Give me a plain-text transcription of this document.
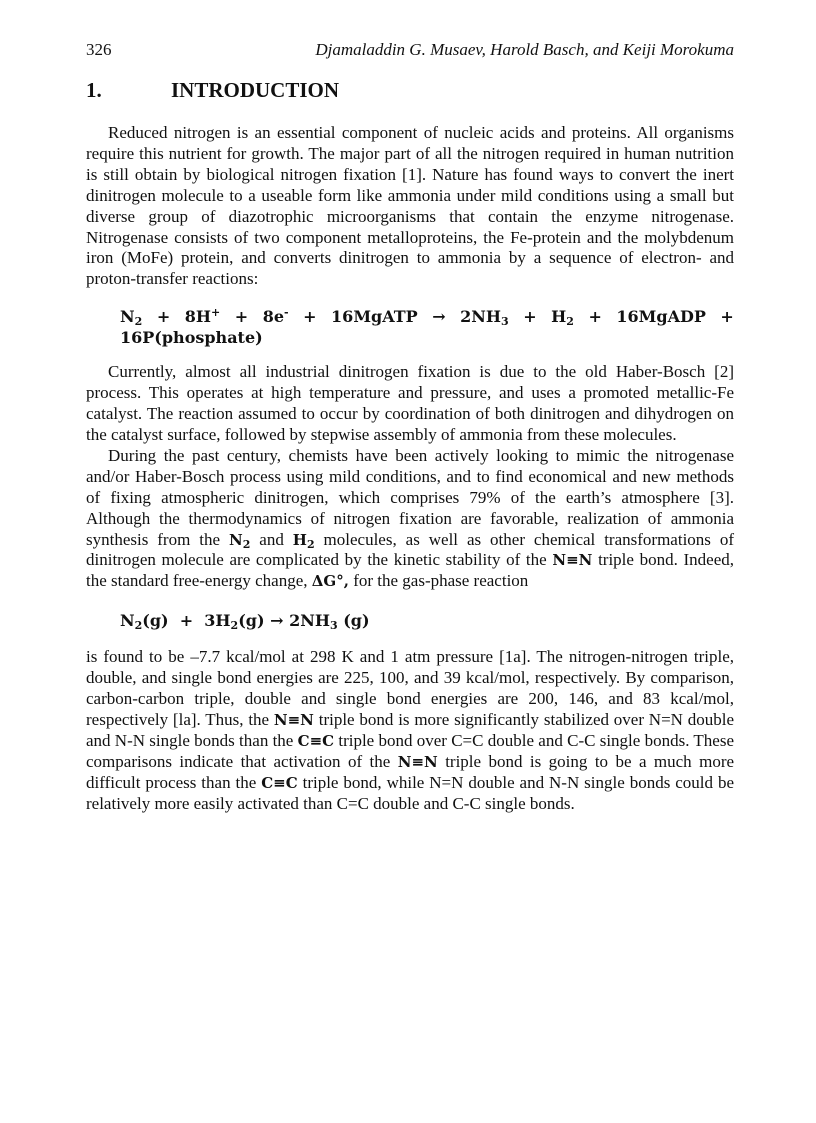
326	Djamaladdin G. Musaev, Harold Basch, and Keiji Morokuma
1.	INTRODUCTION

Reduced nitrogen is an essential component of nucleic acids and proteins. All organisms require this nutrient for growth. The major part of all the nitrogen required in human nutrition is still obtain by biological nitrogen fixation [1]. Nature has found ways to convert the inert dinitrogen molecule to a useable form like ammonia under mild conditions using a small but diverse group of diazotrophic microorganisms that contain the enzyme nitrogenase. Nitrogenase consists of two component metalloproteins, the Fe-protein and the molybdenum iron (MoFe) protein, and converts dinitrogen to ammonia by a sequence of electron- and proton-transfer reactions:

$N_2 + 8H^+ + 8e^-$ + 16MgATP → $2NH_3 + H_2$ + 16MgADP +
16P(phosphate)

Currently, almost all industrial dinitrogen fixation is due to the old Haber-Bosch [2] process. This operates at high temperature and pressure, and uses a promoted metallic-Fe catalyst. The reaction assumed to occur by coordination of both dinitrogen and dihydrogen on the catalyst surface, followed by stepwise assembly of ammonia from these molecules.

During the past century, chemists have been actively looking to mimic the nitrogenase and/or Haber-Bosch process using mild conditions, and to find economical and new methods of fixing atmospheric dinitrogen, which comprises 79% of the earth’s atmosphere [3]. Although the thermodynamics of nitrogen fixation are favorable, realization of ammonia synthesis from the $N_2$ and $H_2$ molecules, as well as other chemical transformations of dinitrogen molecule are complicated by the kinetic stability of the N≡N triple bond. Indeed, the standard free-energy change, ΔG°, for the gas-phase reaction

$N_2(g) + 3H_2(g) \to 2NH_3$ (g)

is found to be –7.7 kcal/mol at 298 K and 1 atm pressure [1a]. The nitrogen-nitrogen triple, double, and single bond energies are 225, 100, and 39 kcal/mol, respectively. By comparison, carbon-carbon triple, double and single bond energies are 200, 146, and 83 kcal/mol, respectively [la]. Thus, the N≡N triple bond is more significantly stabilized over N=N double and N-N single bonds than the C≡C triple bond over C=C double and C-C single bonds. These comparisons indicate that activation of the N≡N triple bond is going to be a much more difficult process than the C≡C triple bond, while N=N double and N-N single bonds could be relatively more easily activated than C=C double and C-C single bonds.
